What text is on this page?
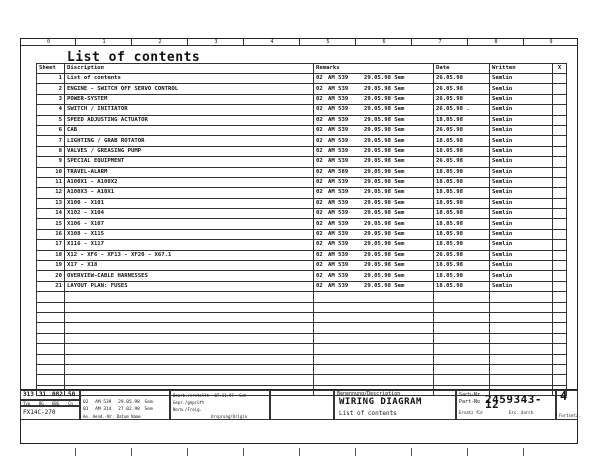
0	1	2	3	4	5	6	7	8	9
List of contents
Sheet	Discription	Remarks	Date	Written	X
1	List of contents	02 AM 539 29.05.98 Sem	26.05.98	Semlin	
2	ENGINE - SWITCH OFF SERVO CONTROL	02 AM 539 29.05.98 Sem	26.05.98	Semlin	
3	POWER-SYSTEM	02 AM 539 29.05.98 Sem	26.05.98	Semlin	
4	SWITCH / INITIATOR	02 AM 539 29.05.98 Sem	26.05.98 .	Semlin	
5	SPEED ADJUSTING ACTUATOR	02 AM 539 29.05.98 Sem	18.05.98	Semlin	
6	CAB	02 AM 539 29.05.98 Sem	26.05.98	Semlin	
7	LIGHTING / GRAB ROTATOR	02 AM 539 29.05.98 Sem	18.05.98	Semlin	
8	VALVES / GREASING PUMP	02 AM 539 29.05.98 Sem	18.05.98	Semlin	
9	SPECIAL EQUIPMENT	02 AM 539 29.05.98 Sem	26.05.98	Semlin	
10	TRAVEL-ALARM	02 AM 589 29.05.98 Sem	18.05.98	Semlin	
11	A100X1 - A100X2	02 AM 539 29.05.98 Sem	18.05.98	Semlin	
12	A100X3 - A10X1	02 AM 539 29.05.98 Sem	18.05.98	Semlin	
13	X100 - X101	02 AM 539 29.05.98 Sem	18.05.98	Semlin	
14	X102 - X104	02 AM 539 29.05.98 Sem	18.05.98	Semlin	
15	X106 - X107	02 AM 539 29.05.98 Sem	18.05.98	Semlin	
16	X108 - X115	02 AM 539 29.05.98 Sem	18.05.98	Semlin	
17	X116 - X117	02 AM 539 29.05.98 Sem	18.05.98	Semlin	
18	X12 - XF6 - XF13 - XF20 - X67.1	02 AM 539 29.05.98 Sem	26.05.98	Semlin	
19	X17 - X18	02 AM 539 29.05.98 Sem	18.05.98	Semlin	
20	OVERVIEW-CABLE HARNESSES	02 AM 539 29.05.98 Sem	18.05.98	Semlin	
21	LAYOUT PLAN: FUSES	02 AM 539 29.05.98 Sem	18.05.98	Semlin	

313 31 082 50
Typ BG UBG Cn
FX14C-270
02 AM 539 29.05.98 Sem
01 AM 314 27.02.98 Sem
Ae. Aend.-Nr. Datum Name
Bearb./erstellt 07.11.97 Sch
Gepr./geprüft
Norm./Freig.
Ursprung/Origin
Benennung/Description
WIRING DIAGRAM
List of contents
Sach-Nr.
Part-No 2459343-12
Ersatz für	Ers. durch
4
Fortsetz.
